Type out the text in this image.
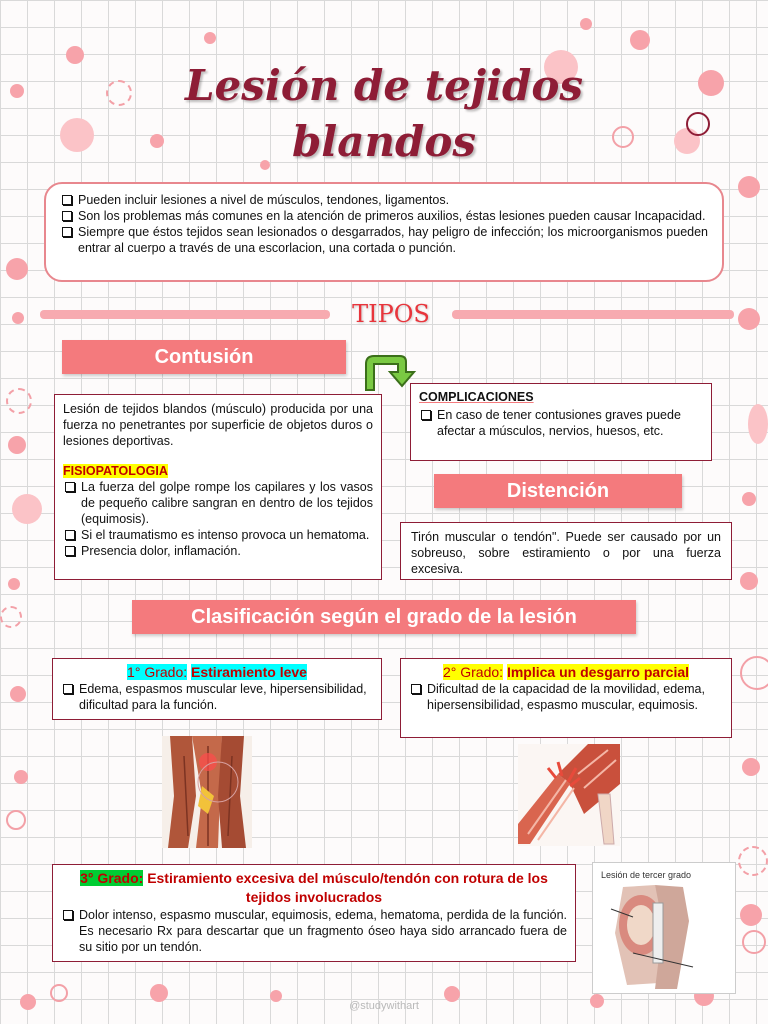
Lesión de tejidos
blandos
Pueden incluir lesiones a nivel de músculos, tendones, ligamentos.
Son los problemas más comunes en la atención de primeros auxilios, éstas lesiones pueden causar Incapacidad.
Siempre que éstos tejidos sean lesionados o desgarrados, hay peligro de infección; los microorganismos pueden entrar al cuerpo a través de una escorlacion, una cortada o punción.
TIPOS
Contusión
Lesión de tejidos blandos (músculo) producida por una fuerza no penetrantes por superficie de objetos duros o lesiones deportivas.
FISIOPATOLOGIA
La fuerza del golpe rompe los capilares y los vasos de pequeño calibre sangran en dentro de los tejidos (equimosis).
Si el traumatismo es intenso provoca un hematoma.
Presencia dolor, inflamación.
COMPLICACIONES
En caso de tener contusiones graves puede afectar a músculos, nervios, huesos, etc.
Distención
Tirón muscular o tendón". Puede ser causado por un sobreuso, sobre estiramiento o por una fuerza excesiva.
Clasificación según el grado de la lesión
1° Grado: Estiramiento leve
Edema, espasmos muscular leve, hipersensibilidad, dificultad para la función.
2° Grado: Implica un desgarro parcial
Dificultad de la capacidad de la movilidad, edema, hipersensibilidad, espasmo muscular, equimosis.
3° Grado: Estiramiento excesiva del músculo/tendón con rotura de los tejidos involucrados
Dolor intenso, espasmo muscular, equimosis, edema, hematoma, perdida de la función. Es necesario Rx para descartar que un fragmento óseo haya sido arrancado fuera de su sitio por un tendón.
Lesión de tercer grado
@studywithart
